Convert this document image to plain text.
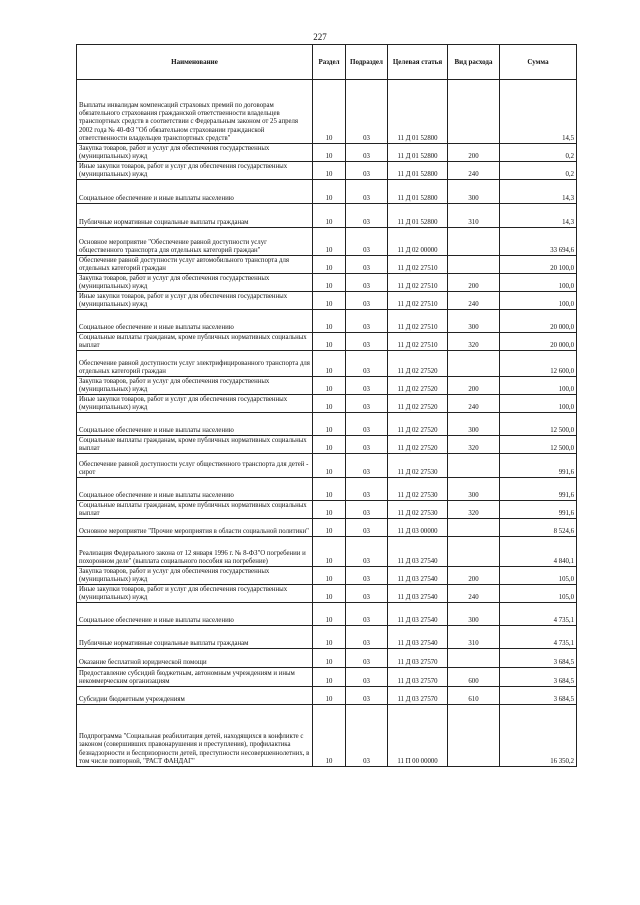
227
Наименование	Раздел	Подраздел	Целевая статья	Вид расхода	Сумма
Выплаты инвалидам компенсаций страховых премий по договорам обязательного страхования гражданской ответственности владельцев транспортных средств в соответствии с Федеральным законом от 25 апреля 2002 года № 40-ФЗ "Об обязательном страховании гражданской ответственности владельцев транспортных средств"	10	03	11 Д 01 52800		14,5
Закупка товаров, работ и услуг для обеспечения государственных (муниципальных) нужд	10	03	11 Д 01 52800	200	0,2
Иные закупки товаров, работ и услуг для обеспечения государственных (муниципальных) нужд	10	03	11 Д 01 52800	240	0,2
Социальное обеспечение и иные выплаты населению	10	03	11 Д 01 52800	300	14,3
Публичные нормативные социальные выплаты гражданам	10	03	11 Д 01 52800	310	14,3
Основное мероприятие "Обеспечение равной доступности услуг общественного транспорта для отдельных категорий граждан"	10	03	11 Д 02 00000		33 694,6
Обеспечение равной доступности услуг автомобильного транспорта для отдельных категорий граждан	10	03	11 Д 02 27510		20 100,0
Закупка товаров, работ и услуг для обеспечения государственных (муниципальных) нужд	10	03	11 Д 02 27510	200	100,0
Иные закупки товаров, работ и услуг для обеспечения государственных (муниципальных) нужд	10	03	11 Д 02 27510	240	100,0
Социальное обеспечение и иные выплаты населению	10	03	11 Д 02 27510	300	20 000,0
Социальные выплаты гражданам, кроме публичных нормативных социальных выплат	10	03	11 Д 02 27510	320	20 000,0
Обеспечение равной доступности услуг электрифицированного транспорта для отдельных категорий граждан	10	03	11 Д 02 27520		12 600,0
Закупка товаров, работ и услуг для обеспечения государственных (муниципальных) нужд	10	03	11 Д 02 27520	200	100,0
Иные закупки товаров, работ и услуг для обеспечения государственных (муниципальных) нужд	10	03	11 Д 02 27520	240	100,0
Социальное обеспечение и иные выплаты населению	10	03	11 Д 02 27520	300	12 500,0
Социальные выплаты гражданам, кроме публичных нормативных социальных выплат	10	03	11 Д 02 27520	320	12 500,0
Обеспечение равной доступности услуг общественного транспорта для детей - сирот	10	03	11 Д 02 27530		991,6
Социальное обеспечение и иные выплаты населению	10	03	11 Д 02 27530	300	991,6
Социальные выплаты гражданам, кроме публичных нормативных социальных выплат	10	03	11 Д 02 27530	320	991,6
Основное мероприятие "Прочие мероприятия в области социальной политики"	10	03	11 Д 03 00000		8 524,6
Реализация Федерального закона от 12 января 1996 г. № 8-ФЗ"О погребении и похоронном деле" (выплата социального пособия на погребение)	10	03	11 Д 03 27540		4 840,1
Закупка товаров, работ и услуг для обеспечения государственных (муниципальных) нужд	10	03	11 Д 03 27540	200	105,0
Иные закупки товаров, работ и услуг для обеспечения государственных (муниципальных) нужд	10	03	11 Д 03 27540	240	105,0
Социальное обеспечение и иные выплаты населению	10	03	11 Д 03 27540	300	4 735,1
Публичные нормативные социальные выплаты гражданам	10	03	11 Д 03 27540	310	4 735,1
Оказание бесплатной юридической помощи	10	03	11 Д 03 27570		3 684,5
Предоставление субсидий бюджетным, автономным учреждениям и иным некоммерческим организациям	10	03	11 Д 03 27570	600	3 684,5
Субсидии бюджетным учреждениям	10	03	11 Д 03 27570	610	3 684,5
Подпрограмма "Социальная реабилитация детей, находящихся в конфликте с законом (совершивших правонарушения и преступления), профилактика безнадзорности и беспризорности детей, преступности несовершеннолетних, в том числе повторной, "РАСТ ФАНДАГ"	10	03	11 П 00 00000		16 350,2
